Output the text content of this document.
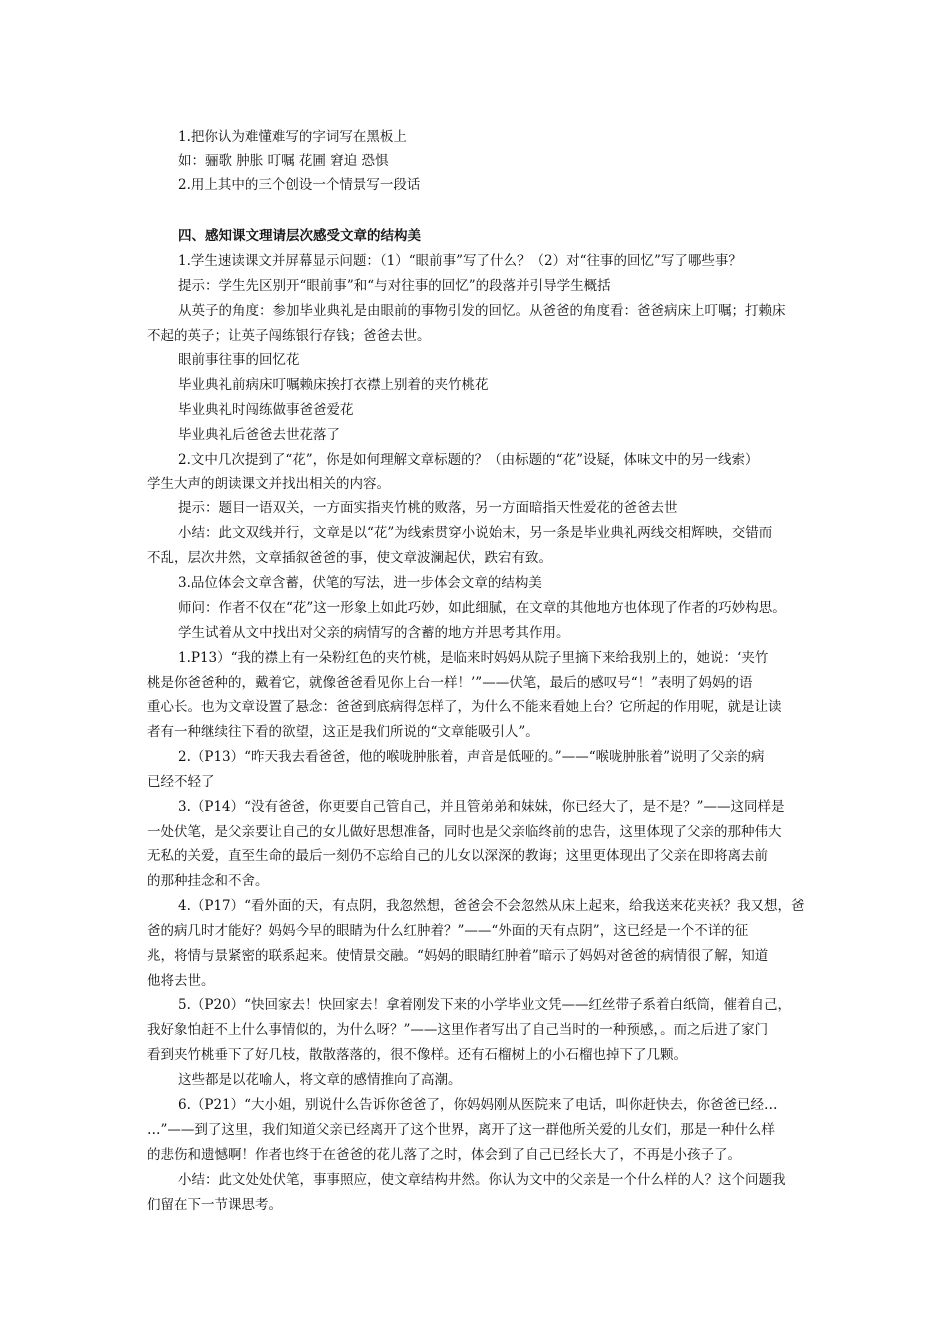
1.把你认为难懂难写的字词写在黑板上
如：骊歌 肿胀 叮嘱 花圃 窘迫 恐惧
2.用上其中的三个创设一个情景写一段话
四、感知课文理请层次感受文章的结构美
1.学生速读课文并屏幕显示问题：（1）“眼前事”写了什么？（2）对“往事的回忆”写了哪些事？
提示：学生先区别开“眼前事”和“与对往事的回忆”的段落并引导学生概括
从英子的角度：参加毕业典礼是由眼前的事物引发的回忆。从爸爸的角度看：爸爸病床上叮嘱；打赖床
不起的英子；让英子闯练银行存钱；爸爸去世。
眼前事往事的回忆花
毕业典礼前病床叮嘱赖床挨打衣襟上别着的夹竹桃花
毕业典礼时闯练做事爸爸爱花
毕业典礼后爸爸去世花落了
2.文中几次提到了“花”，你是如何理解文章标题的？（由标题的“花”设疑，体味文中的另一线索）
学生大声的朗读课文并找出相关的内容。
提示：题目一语双关，一方面实指夹竹桃的败落，另一方面暗指天性爱花的爸爸去世
小结：此文双线并行，文章是以“花”为线索贯穿小说始末，另一条是毕业典礼两线交相辉映，交错而
不乱，层次井然，文章插叙爸爸的事，使文章波澜起伏，跌宕有致。
3.品位体会文章含蓄，伏笔的写法，进一步体会文章的结构美
师问：作者不仅在“花”这一形象上如此巧妙，如此细腻，在文章的其他地方也体现了作者的巧妙构思。
学生试着从文中找出对父亲的病情写的含蓄的地方并思考其作用。
1.P13）“我的襟上有一朵粉红色的夹竹桃，是临来时妈妈从院子里摘下来给我别上的，她说：‘夹竹
桃是你爸爸种的，戴着它，就像爸爸看见你上台一样！’”——伏笔，最后的感叹号“！”表明了妈妈的语
重心长。也为文章设置了悬念：爸爸到底病得怎样了，为什么不能来看她上台？它所起的作用呢，就是让读
者有一种继续往下看的欲望，这正是我们所说的“文章能吸引人”。
2.（P13）“昨天我去看爸爸，他的喉咙肿胀着，声音是低哑的。”——“喉咙肿胀着”说明了父亲的病
已经不轻了
3.（P14）“没有爸爸，你更要自己管自己，并且管弟弟和妹妹，你已经大了，是不是？”——这同样是
一处伏笔，是父亲要让自己的女儿做好思想准备，同时也是父亲临终前的忠告，这里体现了父亲的那种伟大
无私的关爱，直至生命的最后一刻仍不忘给自己的儿女以深深的教诲；这里更体现出了父亲在即将离去前
的那种挂念和不舍。
4.（P17）“看外面的天，有点阴，我忽然想，爸爸会不会忽然从床上起来，给我送来花夹袄？我又想，爸
爸的病几时才能好？妈妈今早的眼睛为什么红肿着？”——“外面的天有点阴”，这已经是一个不详的征
兆，将情与景紧密的联系起来。使情景交融。“妈妈的眼睛红肿着”暗示了妈妈对爸爸的病情很了解，知道
他将去世。
5.（P20）“快回家去！快回家去！拿着刚发下来的小学毕业文凭——红丝带子系着白纸筒，催着自己，
我好象怕赶不上什么事情似的，为什么呀？”——这里作者写出了自己当时的一种预感，。而之后进了家门
看到夹竹桃垂下了好几枝，散散落落的，很不像样。还有石榴树上的小石榴也掉下了几颗。
这些都是以花喻人，将文章的感情推向了高潮。
6.（P21）“大小姐，别说什么告诉你爸爸了，你妈妈刚从医院来了电话，叫你赶快去，你爸爸已经…
…”——到了这里，我们知道父亲已经离开了这个世界，离开了这一群他所关爱的儿女们，那是一种什么样
的悲伤和遗憾啊！作者也终于在爸爸的花儿落了之时，体会到了自己已经长大了，不再是小孩子了。
小结：此文处处伏笔，事事照应，使文章结构井然。你认为文中的父亲是一个什么样的人？这个问题我
们留在下一节课思考。
